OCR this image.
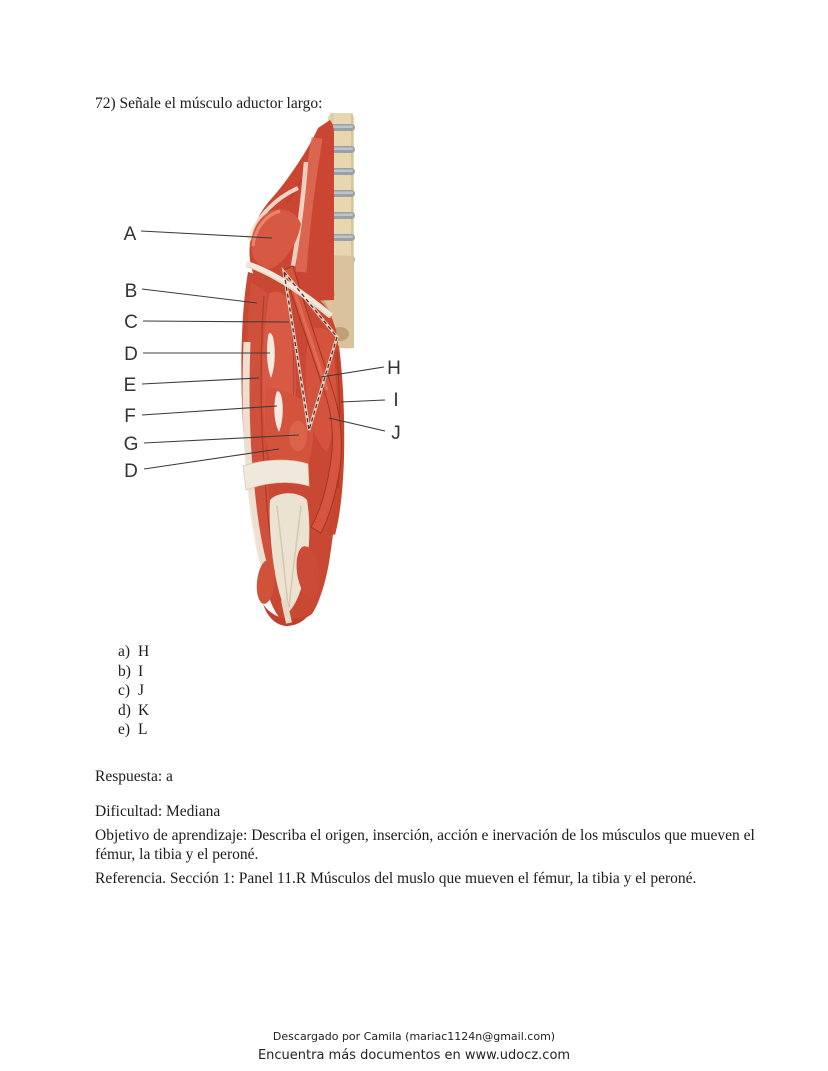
72) Señale el músculo aductor largo:
A
B
C
D
E
F
G
D
H
I
J
a) H
b) I
c) J
d) K
e) L
Respuesta: a
Dificultad: Mediana
Objetivo de aprendizaje: Describa el origen, inserción, acción e inervación de los músculos que mueven el fémur, la tibia y el peroné.
Referencia. Sección 1: Panel 11.R Músculos del muslo que mueven el fémur, la tibia y el peroné.
Descargado por Camila (mariac1124n@gmail.com)
Encuentra más documentos en www.udocz.com
